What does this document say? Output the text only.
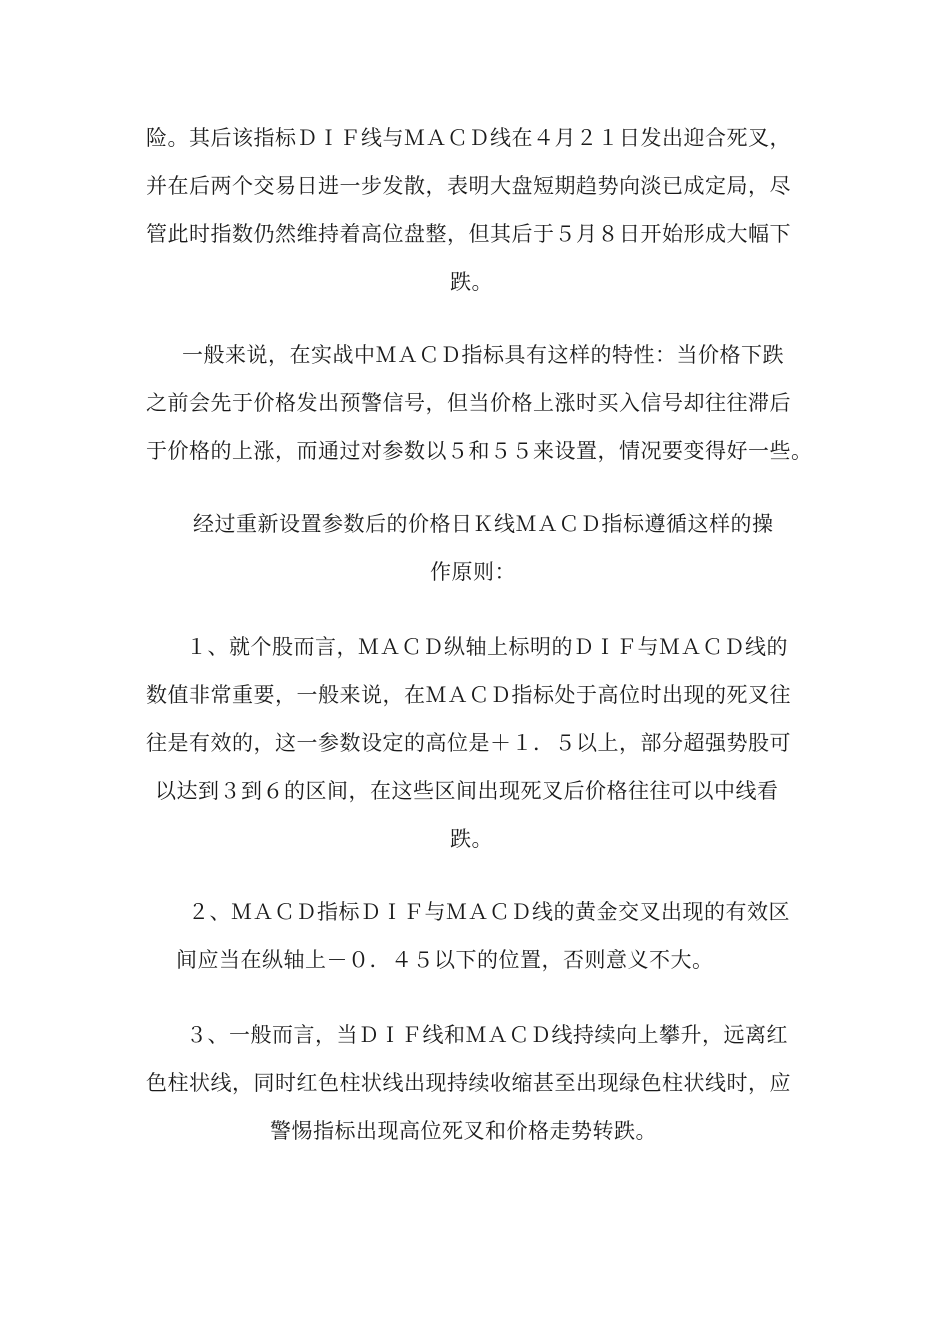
险。其后该指标ＤＩＦ线与ＭＡＣＤ线在４月２１日发出迎合死叉，
并在后两个交易日进一步发散，表明大盘短期趋势向淡已成定局，尽
管此时指数仍然维持着高位盘整，但其后于５月８日开始形成大幅下
跌。
一般来说，在实战中ＭＡＣＤ指标具有这样的特性：当价格下跌
之前会先于价格发出预警信号，但当价格上涨时买入信号却往往滞后
于价格的上涨，而通过对参数以５和５５来设置，情况要变得好一些。
经过重新设置参数后的价格日Ｋ线ＭＡＣＤ指标遵循这样的操
作原则：
１、就个股而言，ＭＡＣＤ纵轴上标明的ＤＩＦ与ＭＡＣＤ线的
数值非常重要，一般来说，在ＭＡＣＤ指标处于高位时出现的死叉往
往是有效的，这一参数设定的高位是＋１．５以上，部分超强势股可
以达到３到６的区间，在这些区间出现死叉后价格往往可以中线看
跌。
２、ＭＡＣＤ指标ＤＩＦ与ＭＡＣＤ线的黄金交叉出现的有效区
间应当在纵轴上－０．４５以下的位置，否则意义不大。
３、一般而言，当ＤＩＦ线和ＭＡＣＤ线持续向上攀升，远离红
色柱状线，同时红色柱状线出现持续收缩甚至出现绿色柱状线时，应
警惕指标出现高位死叉和价格走势转跌。
